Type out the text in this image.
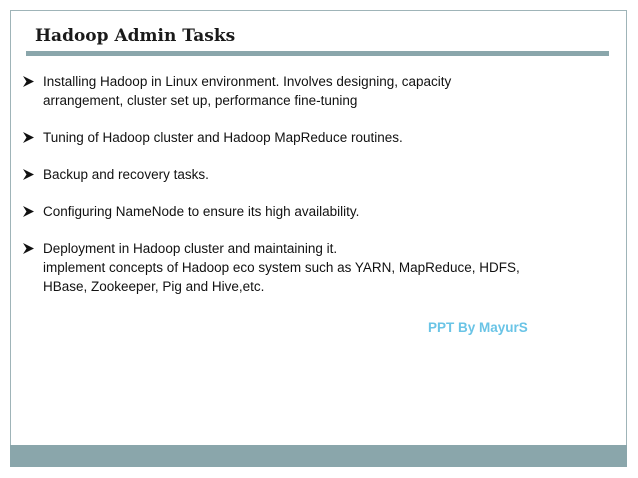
Hadoop Admin Tasks
Installing Hadoop in Linux environment. Involves designing, capacity
arrangement, cluster set up, performance fine-tuning
Tuning of Hadoop cluster and Hadoop MapReduce routines.
Backup and recovery tasks.
Configuring NameNode to ensure its high availability.
Deployment in Hadoop cluster and maintaining it.
implement concepts of Hadoop eco system such as YARN, MapReduce, HDFS,
HBase, Zookeeper, Pig and Hive,etc.
PPT By MayurS
